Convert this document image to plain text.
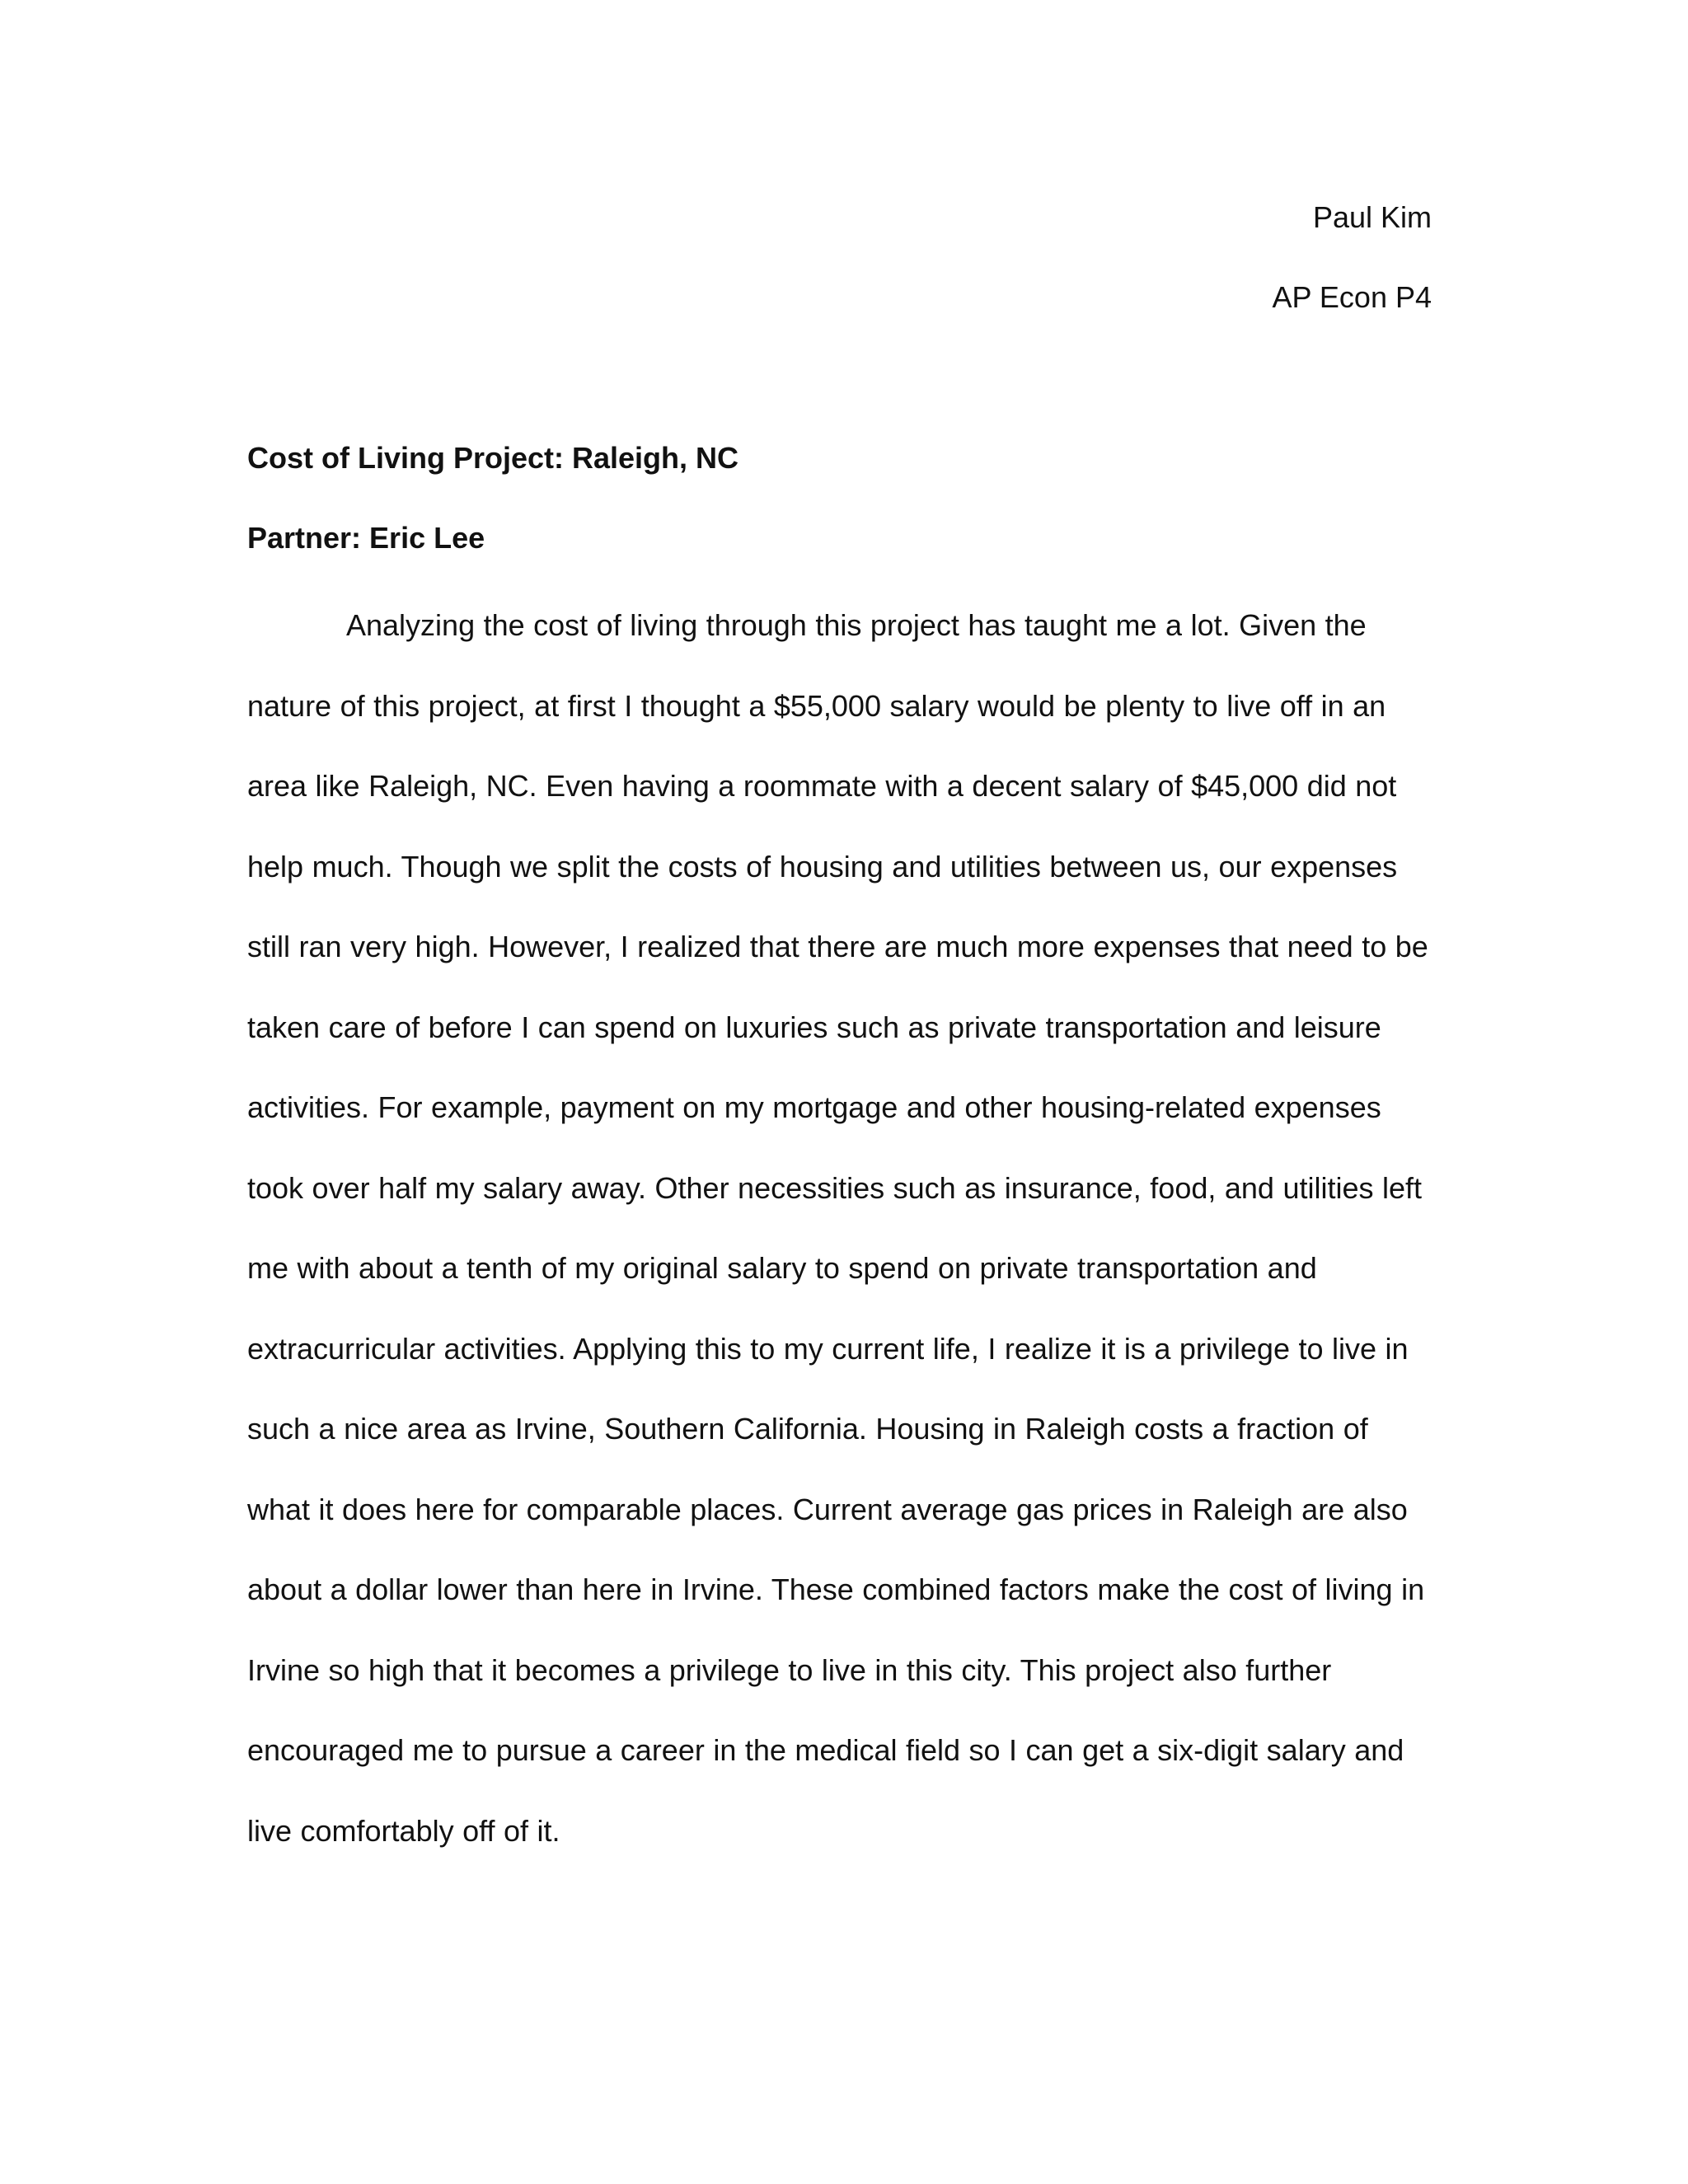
Paul Kim

AP Econ P4

Cost of Living Project: Raleigh, NC

Partner: Eric Lee

Analyzing the cost of living through this project has taught me a lot. Given the nature of this project, at first I thought a $55,000 salary would be plenty to live off in an area like Raleigh, NC. Even having a roommate with a decent salary of $45,000 did not help much. Though we split the costs of housing and utilities between us, our expenses still ran very high. However, I realized that there are much more expenses that need to be taken care of before I can spend on luxuries such as private transportation and leisure activities. For example, payment on my mortgage and other housing-related expenses took over half my salary away. Other necessities such as insurance, food, and utilities left me with about a tenth of my original salary to spend on private transportation and extracurricular activities. Applying this to my current life, I realize it is a privilege to live in such a nice area as Irvine, Southern California. Housing in Raleigh costs a fraction of what it does here for comparable places. Current average gas prices in Raleigh are also about a dollar lower than here in Irvine. These combined factors make the cost of living in Irvine so high that it becomes a privilege to live in this city. This project also further encouraged me to pursue a career in the medical field so I can get a six-digit salary and live comfortably off of it.
